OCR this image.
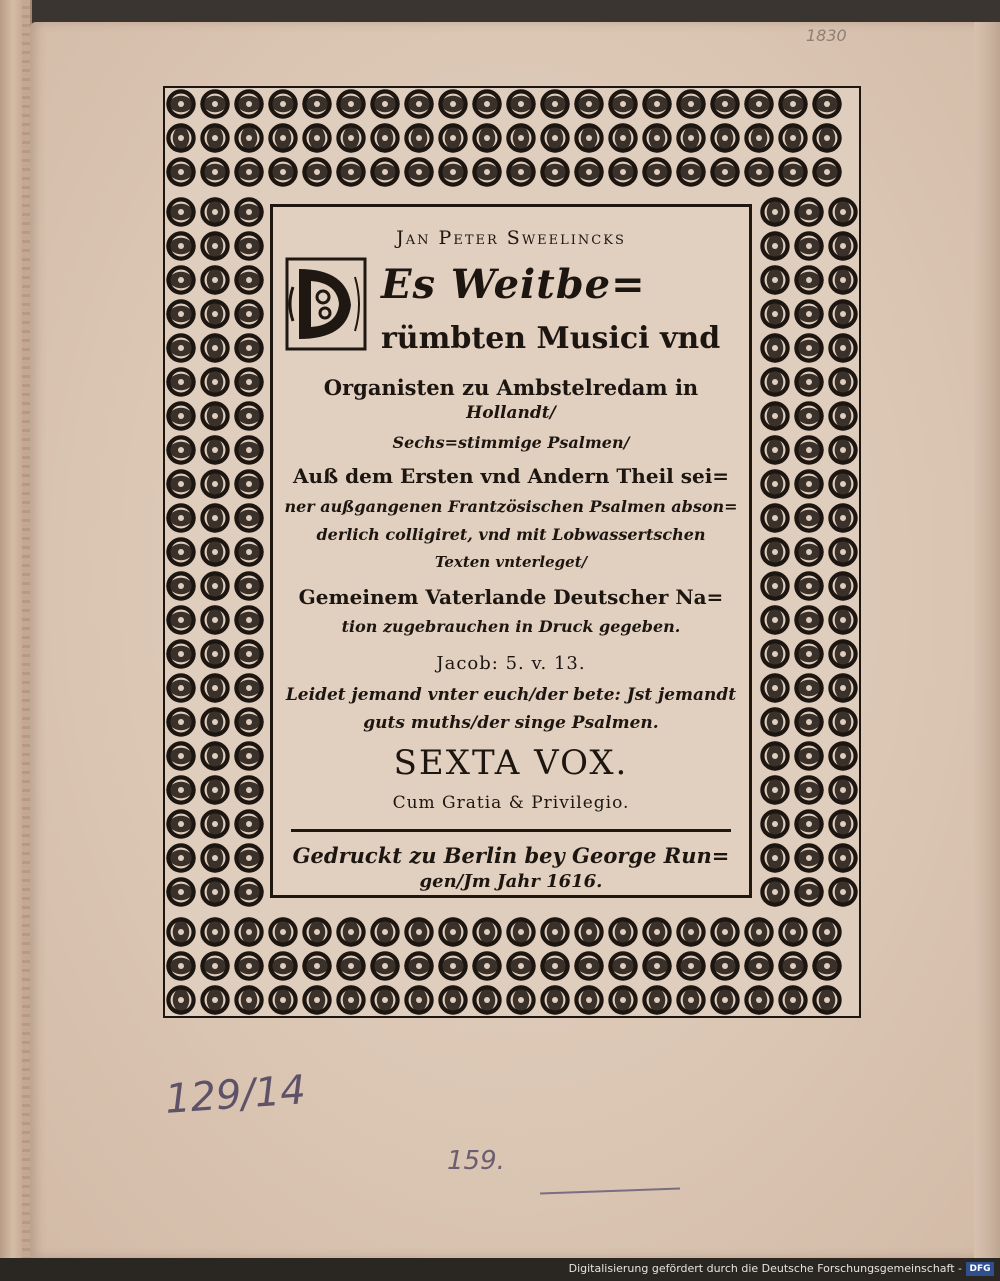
1830
Jan Peter Sweelincks
Es Weitbe=
rümbten Musici vnd
Organisten zu Ambstelredam in
Hollandt/
Sechs=stimmige Psalmen/
Auß dem Ersten vnd Andern Theil sei=
ner außgangenen Frantzösischen Psalmen abson=
derlich colligiret, vnd mit Lobwassertschen
Texten vnterleget/
Gemeinem Vaterlande Deutscher Na=
tion zugebrauchen in Druck gegeben.
Jacob: 5. v. 13.
Leidet jemand vnter euch/der bete: Jst jemandt
guts muths/der singe Psalmen.
SEXTA VOX.
Cum Gratia & Privilegio.
Gedruckt zu Berlin bey George Run=
gen/Jm Jahr 1616.
129/14
159.
Digitalisierung gefördert durch die Deutsche Forschungsgemeinschaft - DFG
